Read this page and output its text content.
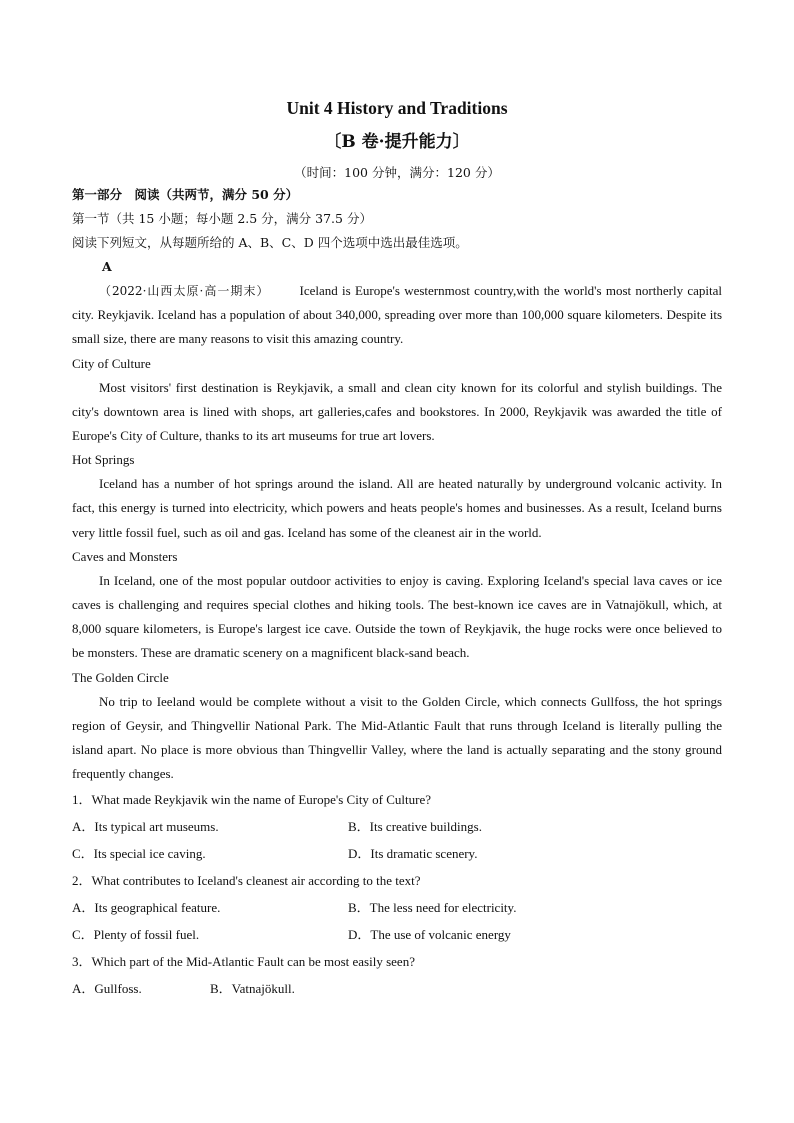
Unit 4 History and Traditions
〔B 卷·提升能力〕
（时间：100 分钟，满分：120 分）
第一部分　阅读（共两节，满分 50 分）
第一节（共 15 小题；每小题 2.5 分，满分 37.5 分）
阅读下列短文，从每题所给的 A、B、C、D 四个选项中选出最佳选项。
A

（2022·山西太原·高一期末） Iceland is Europe's westernmost country,with the world's most northerly capital city. Reykjavik. Iceland has a population of about 340,000, spreading over more than 100,000 square kilometers. Despite its small size, there are many reasons to visit this amazing country.

City of Culture

Most visitors' first destination is Reykjavik, a small and clean city known for its colorful and stylish buildings. The city's downtown area is lined with shops, art galleries,cafes and bookstores. In 2000, Reykjavik was awarded the title of Europe's City of Culture, thanks to its art museums for true art lovers.

Hot Springs

Iceland has a number of hot springs around the island. All are heated naturally by underground volcanic activity. In fact, this energy is turned into electricity, which powers and heats people's homes and businesses. As a result, Iceland burns very little fossil fuel, such as oil and gas. Iceland has some of the cleanest air in the world.

Caves and Monsters

In Iceland, one of the most popular outdoor activities to enjoy is caving. Exploring Iceland's special lava caves or ice caves is challenging and requires special clothes and hiking tools. The best-known ice caves are in Vatnajökull, which, at 8,000 square kilometers, is Europe's largest ice cave. Outside the town of Reykjavik, the huge rocks were once believed to be monsters. These are dramatic scenery on a magnificent black-sand beach.

The Golden Circle

No trip to Ieeland would be complete without a visit to the Golden Circle, which connects Gullfoss, the hot springs region of Geysir, and Thingvellir National Park. The Mid-Atlantic Fault that runs through Iceland is literally pulling the island apart. No place is more obvious than Thingvellir Valley, where the land is actually separating and the stony ground frequently changes.

1．What made Reykjavik win the name of Europe's City of Culture?
A．Its typical art museums.	B．Its creative buildings.
C．Its special ice caving.	D．Its dramatic scenery.
2．What contributes to Iceland's cleanest air according to the text?
A．Its geographical feature.	B．The less need for electricity.
C．Plenty of fossil fuel.	D．The use of volcanic energy
3．Which part of the Mid-Atlantic Fault can be most easily seen?
A．Gullfoss.	B．Vatnajökull.
